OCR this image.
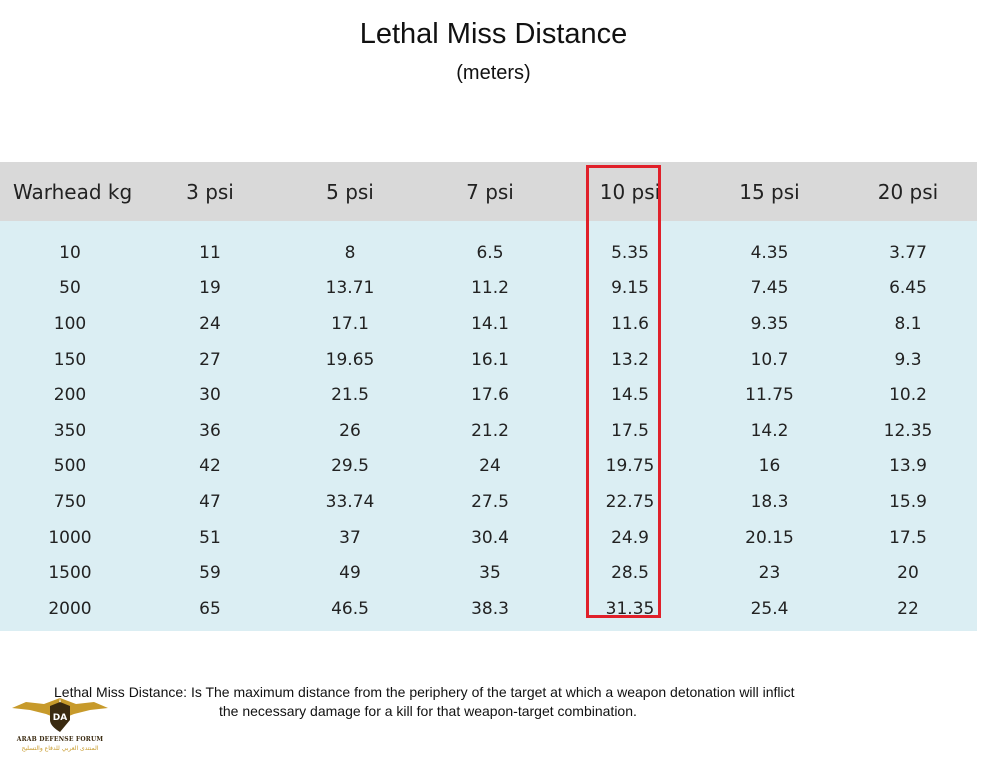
Lethal Miss Distance
(meters)
Warhead kg	3 psi	5 psi	7 psi	10 psi	15 psi	20 psi
10	11	8	6.5	5.35	4.35	3.77
50	19	13.71	11.2	9.15	7.45	6.45
100	24	17.1	14.1	11.6	9.35	8.1
150	27	19.65	16.1	13.2	10.7	9.3
200	30	21.5	17.6	14.5	11.75	10.2
350	36	26	21.2	17.5	14.2	12.35
500	42	29.5	24	19.75	16	13.9
750	47	33.74	27.5	22.75	18.3	15.9
1000	51	37	30.4	24.9	20.15	17.5
1500	59	49	35	28.5	23	20
2000	65	46.5	38.3	31.35	25.4	22
Lethal Miss Distance: Is The maximum distance from the periphery of the target at which a weapon detonation will inflict
the necessary damage for a kill for that weapon-target combination.
DA
ARAB DEFENSE FORUM
المنتدى العربي للدفاع والتسليح
